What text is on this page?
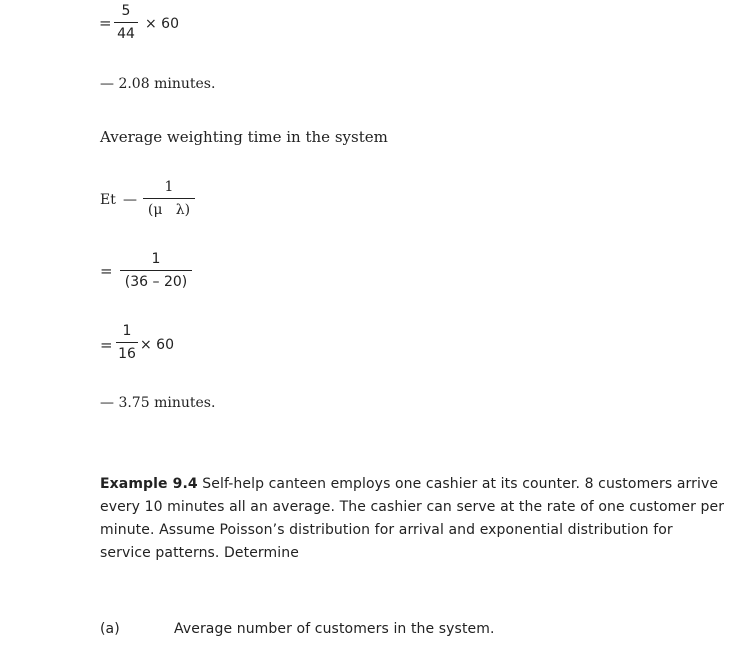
=
5
44
× 60
— 2.08 minutes.
Average weighting time in the system
Et —
1
(μ   λ)
=
1
(36 – 20)
=
1
16
× 60
— 3.75 minutes.
Example 9.4 Self-help canteen employs one cashier at its counter. 8 customers arrive
every 10 minutes all an average. The cashier can serve at the rate of one customer per
minute. Assume Poisson’s distribution for arrival and exponential distribution for
service patterns. Determine
(a)	Average number of customers in the system.
